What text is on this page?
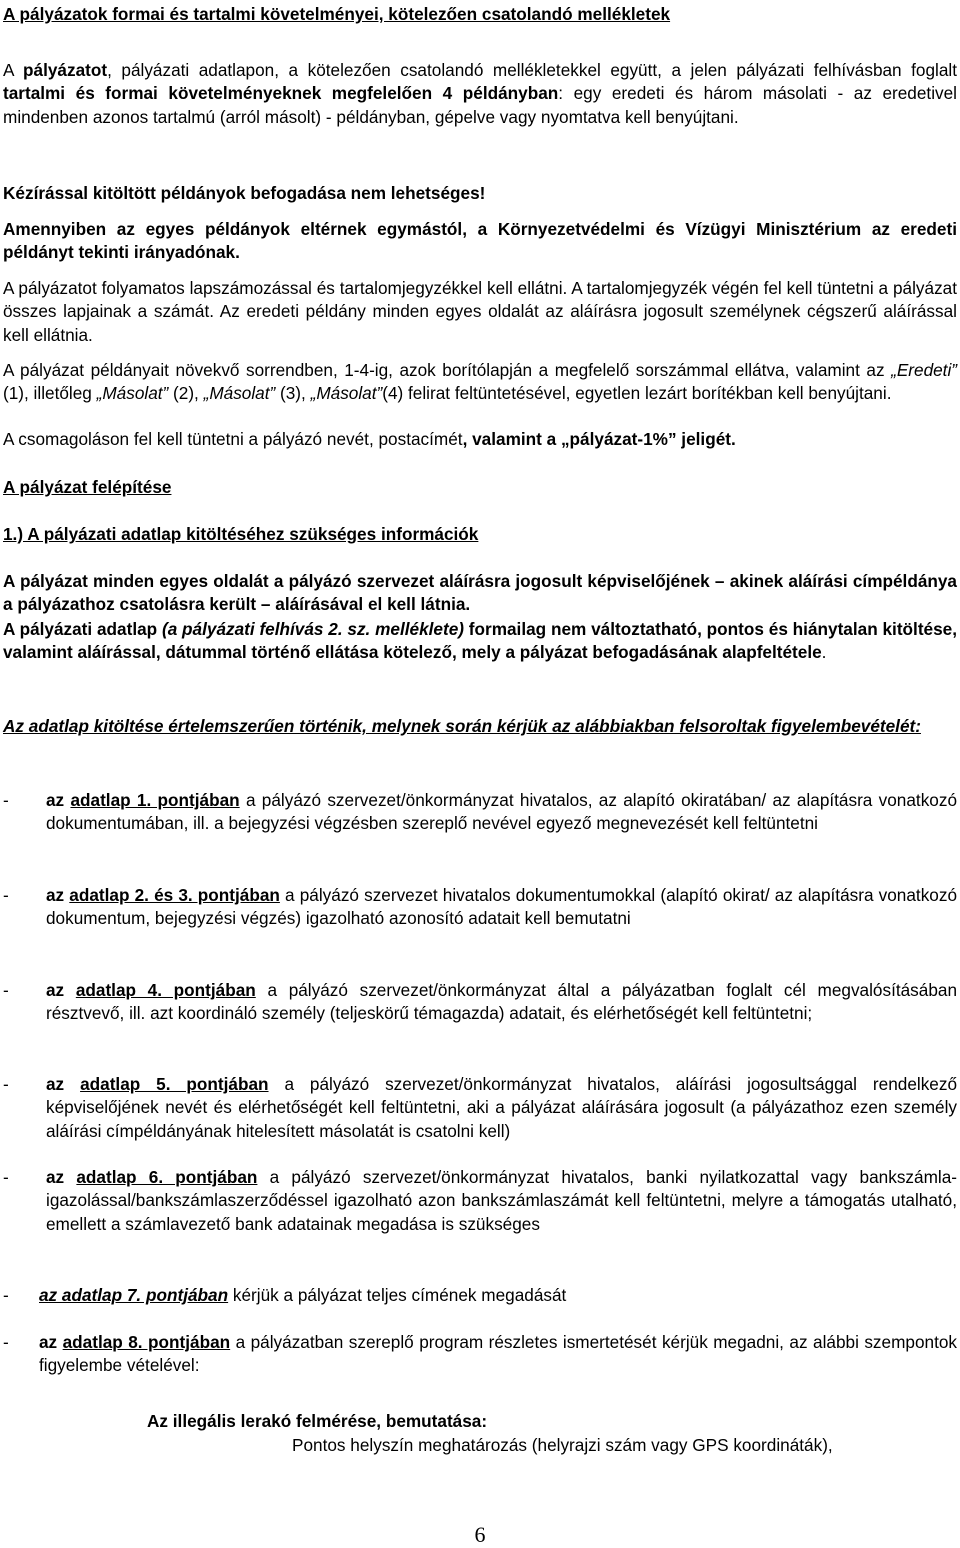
A pályázatok formai és tartalmi követelményei, kötelezően csatolandó mellékletek

A pályázatot, pályázati adatlapon, a kötelezően csatolandó mellékletekkel együtt, a jelen pályázati felhívásban foglalt tartalmi és formai követelményeknek megfelelően 4 példányban: egy eredeti és három másolati - az eredetivel mindenben azonos tartalmú (arról másolt) - példányban, gépelve vagy nyomtatva kell benyújtani.

Kézírással kitöltött példányok befogadása nem lehetséges!

Amennyiben az egyes példányok eltérnek egymástól, a Környezetvédelmi és Vízügyi Minisztérium az eredeti példányt tekinti irányadónak.

A pályázatot folyamatos lapszámozással és tartalomjegyzékkel kell ellátni. A tartalomjegyzék végén fel kell tüntetni a pályázat összes lapjainak a számát. Az eredeti példány minden egyes oldalát az aláírásra jogosult személynek cégszerű aláírással kell ellátnia.

A pályázat példányait növekvő sorrendben, 1-4-ig, azok borítólapján a megfelelő sorszámmal ellátva, valamint az „Eredeti” (1), illetőleg „Másolat” (2), „Másolat” (3), „Másolat”(4) felirat feltüntetésével, egyetlen lezárt borítékban kell benyújtani.

A csomagoláson fel kell tüntetni a pályázó nevét, postacímét, valamint a „pályázat-1%” jeligét.

A pályázat felépítése

1.) A pályázati adatlap kitöltéséhez szükséges információk

A pályázat minden egyes oldalát a pályázó szervezet aláírásra jogosult képviselőjének – akinek aláírási címpéldánya a pályázathoz csatolásra került – aláírásával el kell látnia.

A pályázati adatlap (a pályázati felhívás 2. sz. melléklete) formailag nem változtatható, pontos és hiánytalan kitöltése, valamint aláírással, dátummal történő ellátása kötelező, mely a pályázat befogadásának alapfeltétele.

Az adatlap kitöltése értelemszerűen történik, melynek során kérjük az alábbiakban felsoroltak figyelembevételét:

- az adatlap 1. pontjában a pályázó szervezet/önkormányzat hivatalos, az alapító okiratában/ az alapításra vonatkozó dokumentumában, ill. a bejegyzési végzésben szereplő nevével egyező megnevezését kell feltüntetni
- az adatlap 2. és 3. pontjában a pályázó szervezet hivatalos dokumentumokkal (alapító okirat/ az alapításra vonatkozó dokumentum, bejegyzési végzés) igazolható azonosító adatait kell bemutatni
- az adatlap 4. pontjában a pályázó szervezet/önkormányzat által a pályázatban foglalt cél megvalósításában résztvevő, ill. azt koordináló személy (teljeskörű témagazda) adatait, és elérhetőségét kell feltüntetni;
- az adatlap 5. pontjában a pályázó szervezet/önkormányzat hivatalos, aláírási jogosultsággal rendelkező képviselőjének nevét és elérhetőségét kell feltüntetni, aki a pályázat aláírására jogosult (a pályázathoz ezen személy aláírási címpéldányának hitelesített másolatát is csatolni kell)
- az adatlap 6. pontjában a pályázó szervezet/önkormányzat hivatalos, banki nyilatkozattal vagy bankszámla-igazolással/bankszámlaszerződéssel igazolható azon bankszámlaszámát kell feltüntetni, melyre a támogatás utalható, emellett a számlavezető bank adatainak megadása is szükséges
- az adatlap 7. pontjában kérjük a pályázat teljes címének megadását
- az adatlap 8. pontjában a pályázatban szereplő program részletes ismertetését kérjük megadni, az alábbi szempontok figyelembe vételével:

Az illegális lerakó felmérése, bemutatása:

Pontos helyszín meghatározás (helyrajzi szám vagy GPS koordináták),

6
